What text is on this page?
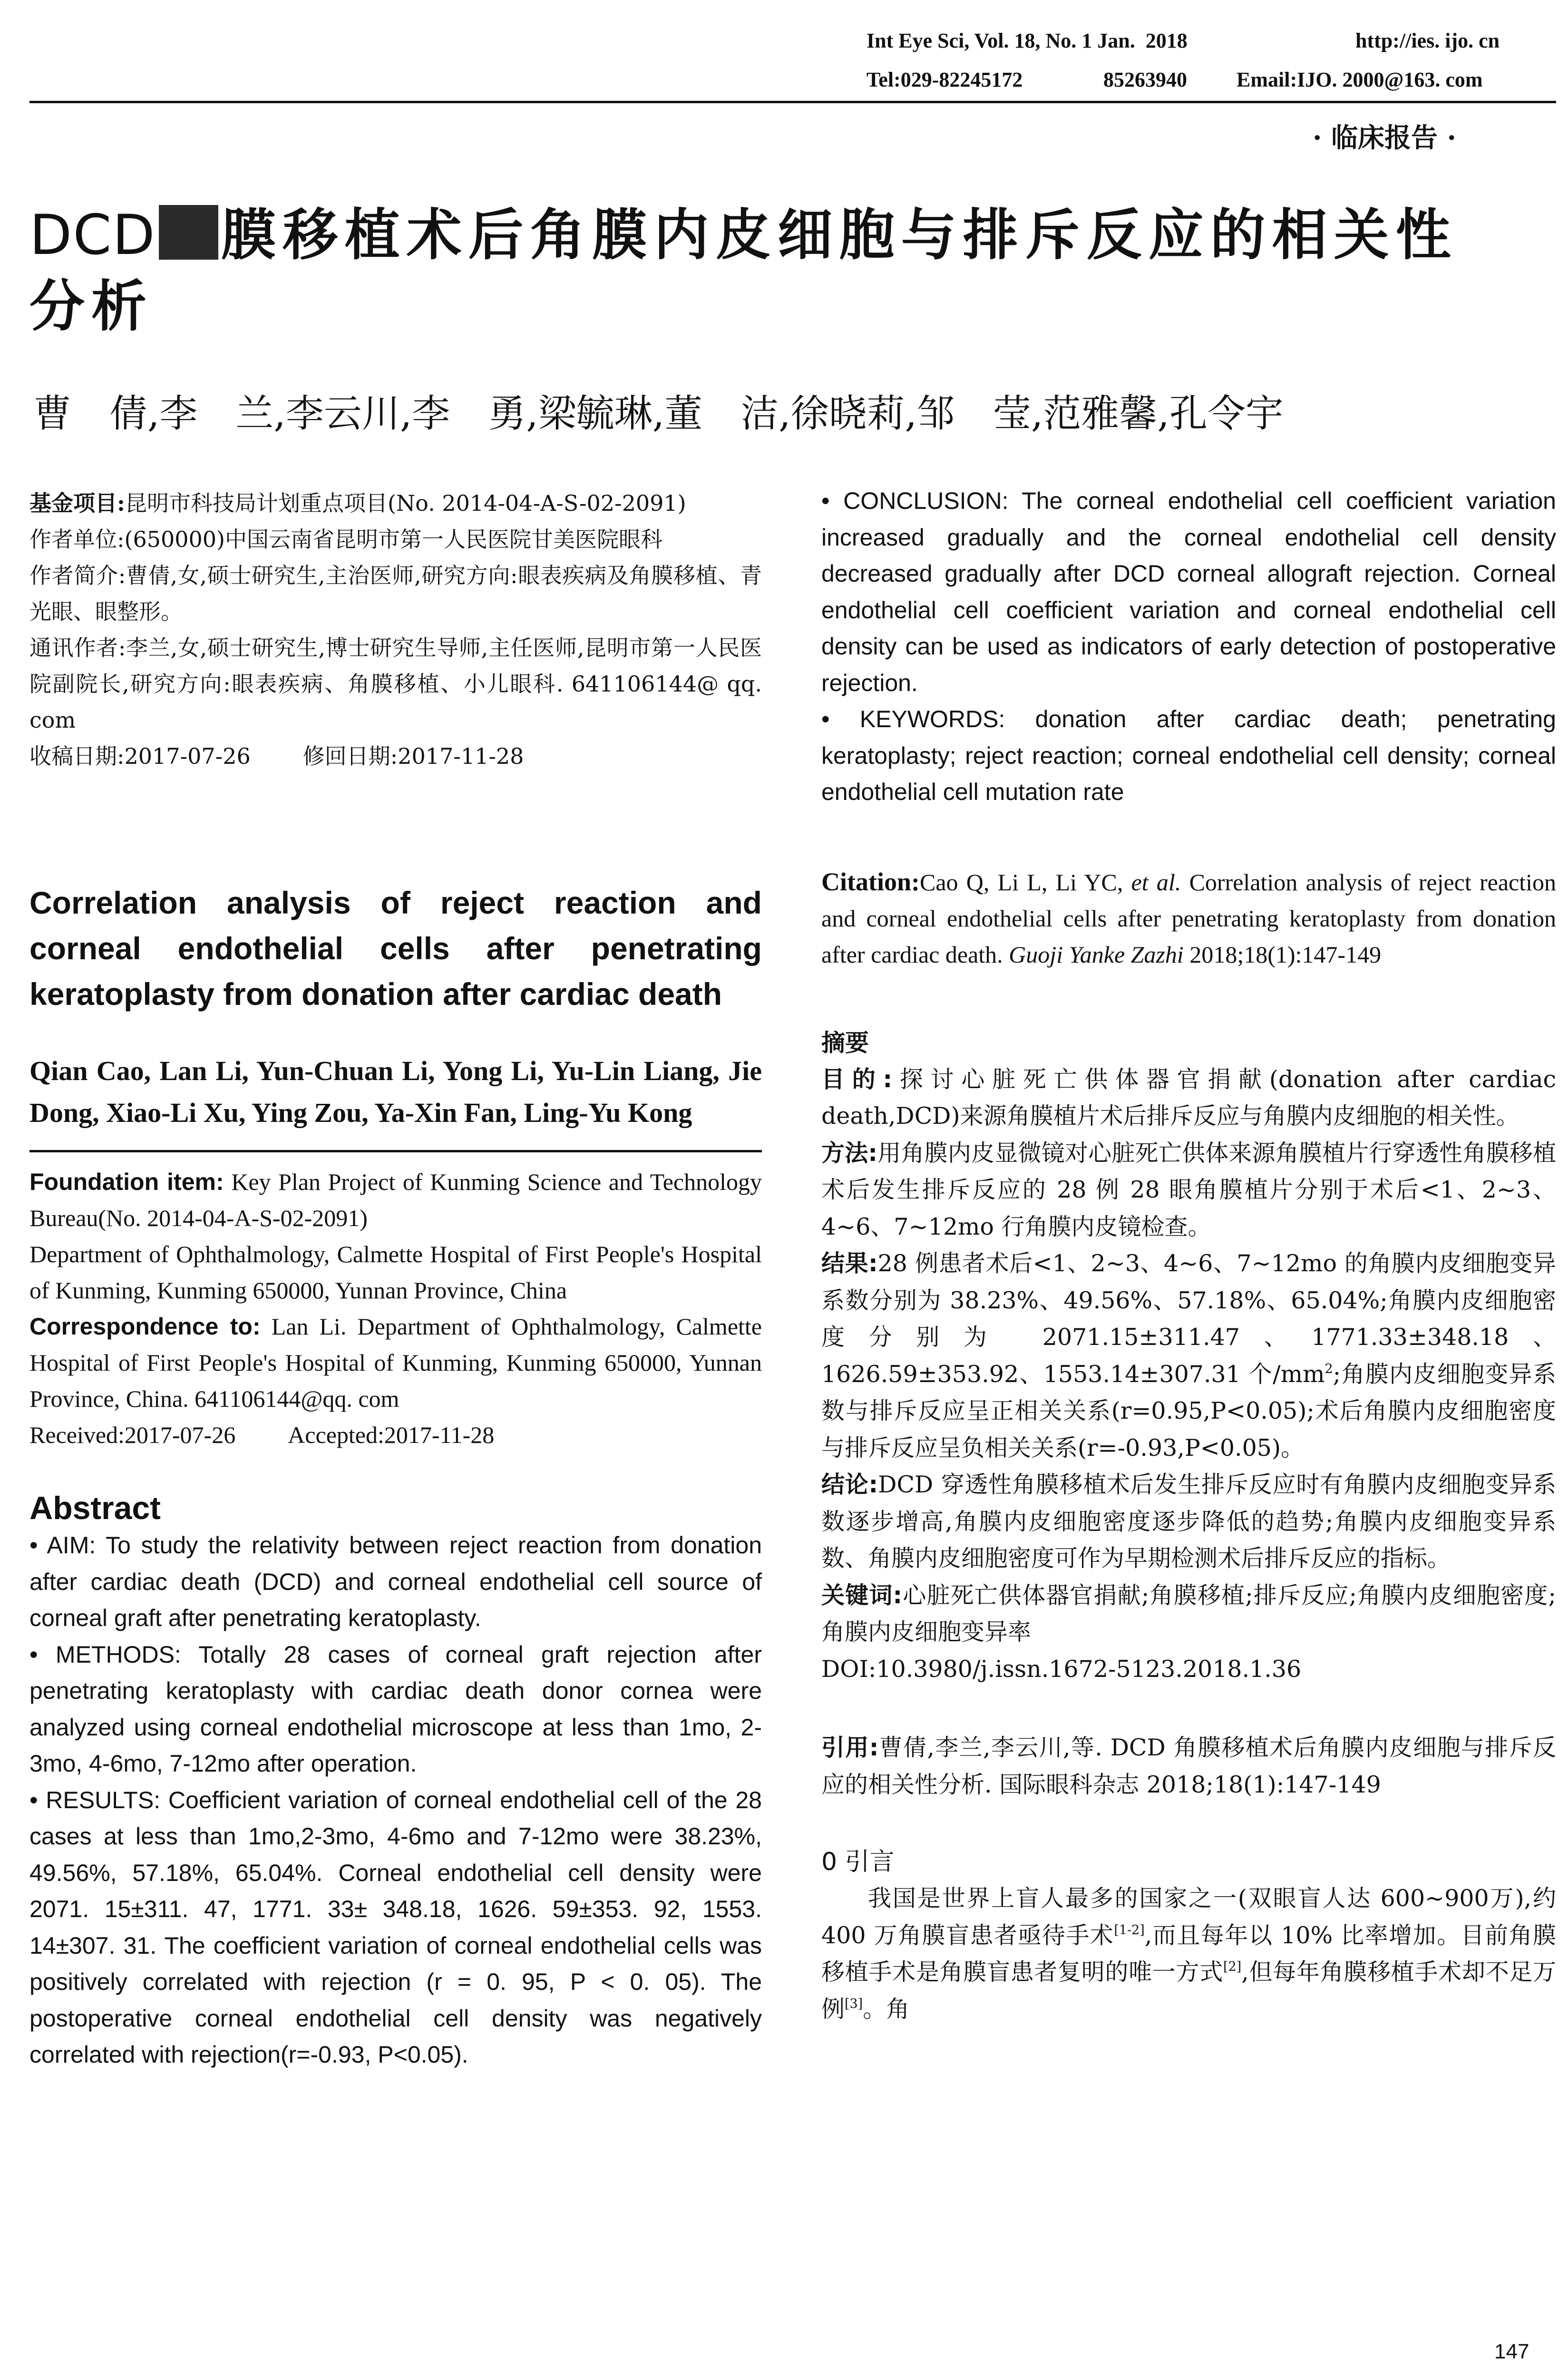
Int Eye Sci, Vol. 18, No. 1 Jan.  2018	http://ies. ijo. cn
Tel:029-82245172	85263940 Email:IJO. 2000@163. com
· 临床报告 ·
DCD 膜移植术后角膜内皮细胞与排斥反应的相关性
分析
曹　倩,李　兰,李云川,李　勇,梁毓琳,董　洁,徐晓莉,邹　莹,范雅馨,孔令宇

基金项目:昆明市科技局计划重点项目(No. 2014-04-A-S-02-2091)

作者单位:(650000)中国云南省昆明市第一人民医院甘美医院眼科

作者简介:曹倩,女,硕士研究生,主治医师,研究方向:眼表疾病及角膜移植、青光眼、眼整形。

通讯作者:李兰,女,硕士研究生,博士研究生导师,主任医师,昆明市第一人民医院副院长,研究方向:眼表疾病、角膜移植、小儿眼科. 641106144@ qq. com

收稿日期:2017-07-26 修回日期:2017-11-28

Correlation analysis of reject reaction and corneal endothelial cells after penetrating keratoplasty from donation after cardiac death
Qian Cao, Lan Li, Yun-Chuan Li, Yong Li, Yu-Lin Liang, Jie Dong, Xiao-Li Xu, Ying Zou, Ya-Xin Fan, Ling-Yu Kong

Foundation item: Key Plan Project of Kunming Science and Technology Bureau(No. 2014-04-A-S-02-2091)

Department of Ophthalmology, Calmette Hospital of First People's Hospital of Kunming, Kunming 650000, Yunnan Province, China

Correspondence to: Lan Li. Department of Ophthalmology, Calmette Hospital of First People's Hospital of Kunming, Kunming 650000, Yunnan Province, China. 641106144@qq. com

Received:2017-07-26 Accepted:2017-11-28

Abstract

• AIM: To study the relativity between reject reaction from donation after cardiac death (DCD) and corneal endothelial cell source of corneal graft after penetrating keratoplasty.

• METHODS: Totally 28 cases of corneal graft rejection after penetrating keratoplasty with cardiac death donor cornea were analyzed using corneal endothelial microscope at less than 1mo, 2-3mo, 4-6mo, 7-12mo after operation.

• RESULTS: Coefficient variation of corneal endothelial cell of the 28 cases at less than 1mo,2-3mo, 4-6mo and 7-12mo were 38.23%, 49.56%, 57.18%, 65.04%. Corneal endothelial cell density were 2071. 15±311. 47, 1771. 33± 348.18, 1626. 59±353. 92, 1553. 14±307. 31. The coefficient variation of corneal endothelial cells was positively correlated with rejection (r = 0. 95, P < 0. 05). The postoperative corneal endothelial cell density was negatively correlated with rejection(r=-0.93, P<0.05).

• CONCLUSION: The corneal endothelial cell coefficient variation increased gradually and the corneal endothelial cell density decreased gradually after DCD corneal allograft rejection. Corneal endothelial cell coefficient variation and corneal endothelial cell density can be used as indicators of early detection of postoperative rejection.

• KEYWORDS: donation after cardiac death; penetrating keratoplasty; reject reaction; corneal endothelial cell density; corneal endothelial cell mutation rate

Citation:Cao Q, Li L, Li YC, et al. Correlation analysis of reject reaction and corneal endothelial cells after penetrating keratoplasty from donation after cardiac death. Guoji Yanke Zazhi 2018;18(1):147-149
摘要

目的:探讨心脏死亡供体器官捐献(donation after cardiac death,DCD)来源角膜植片术后排斥反应与角膜内皮细胞的相关性。

方法:用角膜内皮显微镜对心脏死亡供体来源角膜植片行穿透性角膜移植术后发生排斥反应的 28 例 28 眼角膜植片分别于术后<1、2~3、4~6、7~12mo 行角膜内皮镜检查。

结果:28 例患者术后<1、2~3、4~6、7~12mo 的角膜内皮细胞变异系数分别为 38.23%、49.56%、57.18%、65.04%;角膜内皮细胞密度分别为 2071.15±311.47、1771.33±348.18、1626.59±353.92、1553.14±307.31 个$/mm^2$;角膜内皮细胞变异系数与排斥反应呈正相关关系(r=0.95,P<0.05);术后角膜内皮细胞密度与排斥反应呈负相关关系(r=-0.93,P<0.05)。

结论:DCD 穿透性角膜移植术后发生排斥反应时有角膜内皮细胞变异系数逐步增高,角膜内皮细胞密度逐步降低的趋势;角膜内皮细胞变异系数、角膜内皮细胞密度可作为早期检测术后排斥反应的指标。

关键词:心脏死亡供体器官捐献;角膜移植;排斥反应;角膜内皮细胞密度;角膜内皮细胞变异率

DOI:10.3980/j.issn.1672-5123.2018.1.36

引用:曹倩,李兰,李云川,等. DCD 角膜移植术后角膜内皮细胞与排斥反应的相关性分析. 国际眼科杂志 2018;18(1):147-149
0 引言
我国是世界上盲人最多的国家之一(双眼盲人达 600~900万),约 400 万角膜盲患者亟待手术[1-2],而且每年以 10% 比率增加。目前角膜移植手术是角膜盲患者复明的唯一方式[2],但每年角膜移植手术却不足万例[3]。角
147
